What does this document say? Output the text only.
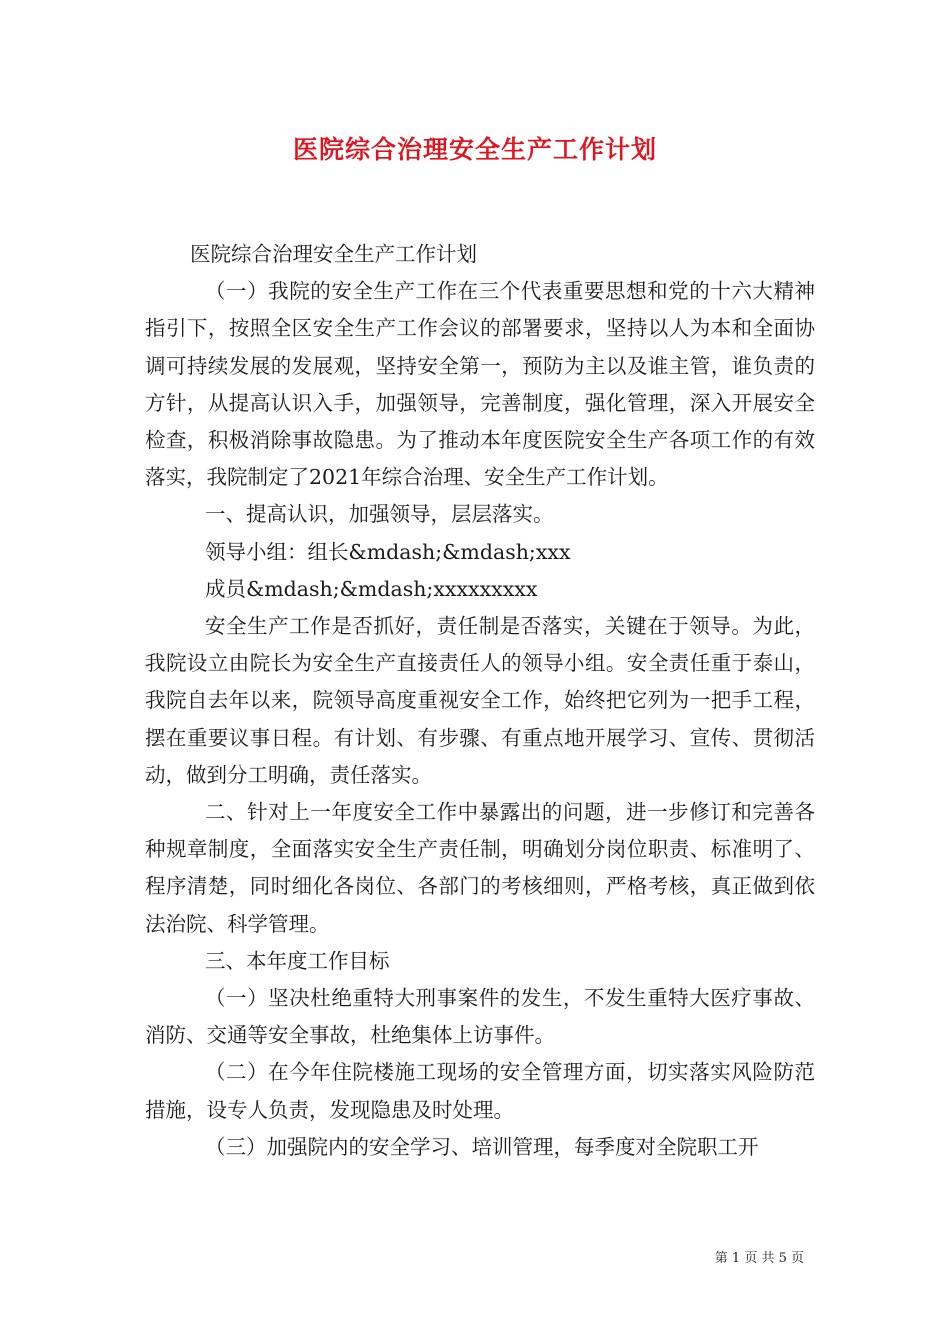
医院综合治理安全生产工作计划

医院综合治理安全生产工作计划

（一）我院的安全生产工作在三个代表重要思想和党的十六大精神指引下，按照全区安全生产工作会议的部署要求，坚持以人为本和全面协调可持续发展的发展观，坚持安全第一，预防为主以及谁主管，谁负责的方针，从提高认识入手，加强领导，完善制度，强化管理，深入开展安全检查，积极消除事故隐患。为了推动本年度医院安全生产各项工作的有效落实，我院制定了2021年综合治理、安全生产工作计划。

一、提高认识，加强领导，层层落实。

领导小组：组长&mdash;&mdash;xxx

成员&mdash;&mdash;xxxxxxxxx

安全生产工作是否抓好，责任制是否落实，关键在于领导。为此，我院设立由院长为安全生产直接责任人的领导小组。安全责任重于泰山，我院自去年以来，院领导高度重视安全工作，始终把它列为一把手工程，摆在重要议事日程。有计划、有步骤、有重点地开展学习、宣传、贯彻活动，做到分工明确，责任落实。

二、针对上一年度安全工作中暴露出的问题，进一步修订和完善各种规章制度，全面落实安全生产责任制，明确划分岗位职责、标准明了、程序清楚，同时细化各岗位、各部门的考核细则，严格考核，真正做到依法治院、科学管理。

三、本年度工作目标

（一）坚决杜绝重特大刑事案件的发生，不发生重特大医疗事故、消防、交通等安全事故，杜绝集体上访事件。

（二）在今年住院楼施工现场的安全管理方面，切实落实风险防范措施，设专人负责，发现隐患及时处理。

（三）加强院内的安全学习、培训管理，每季度对全院职工开

第 1 页 共 5 页
